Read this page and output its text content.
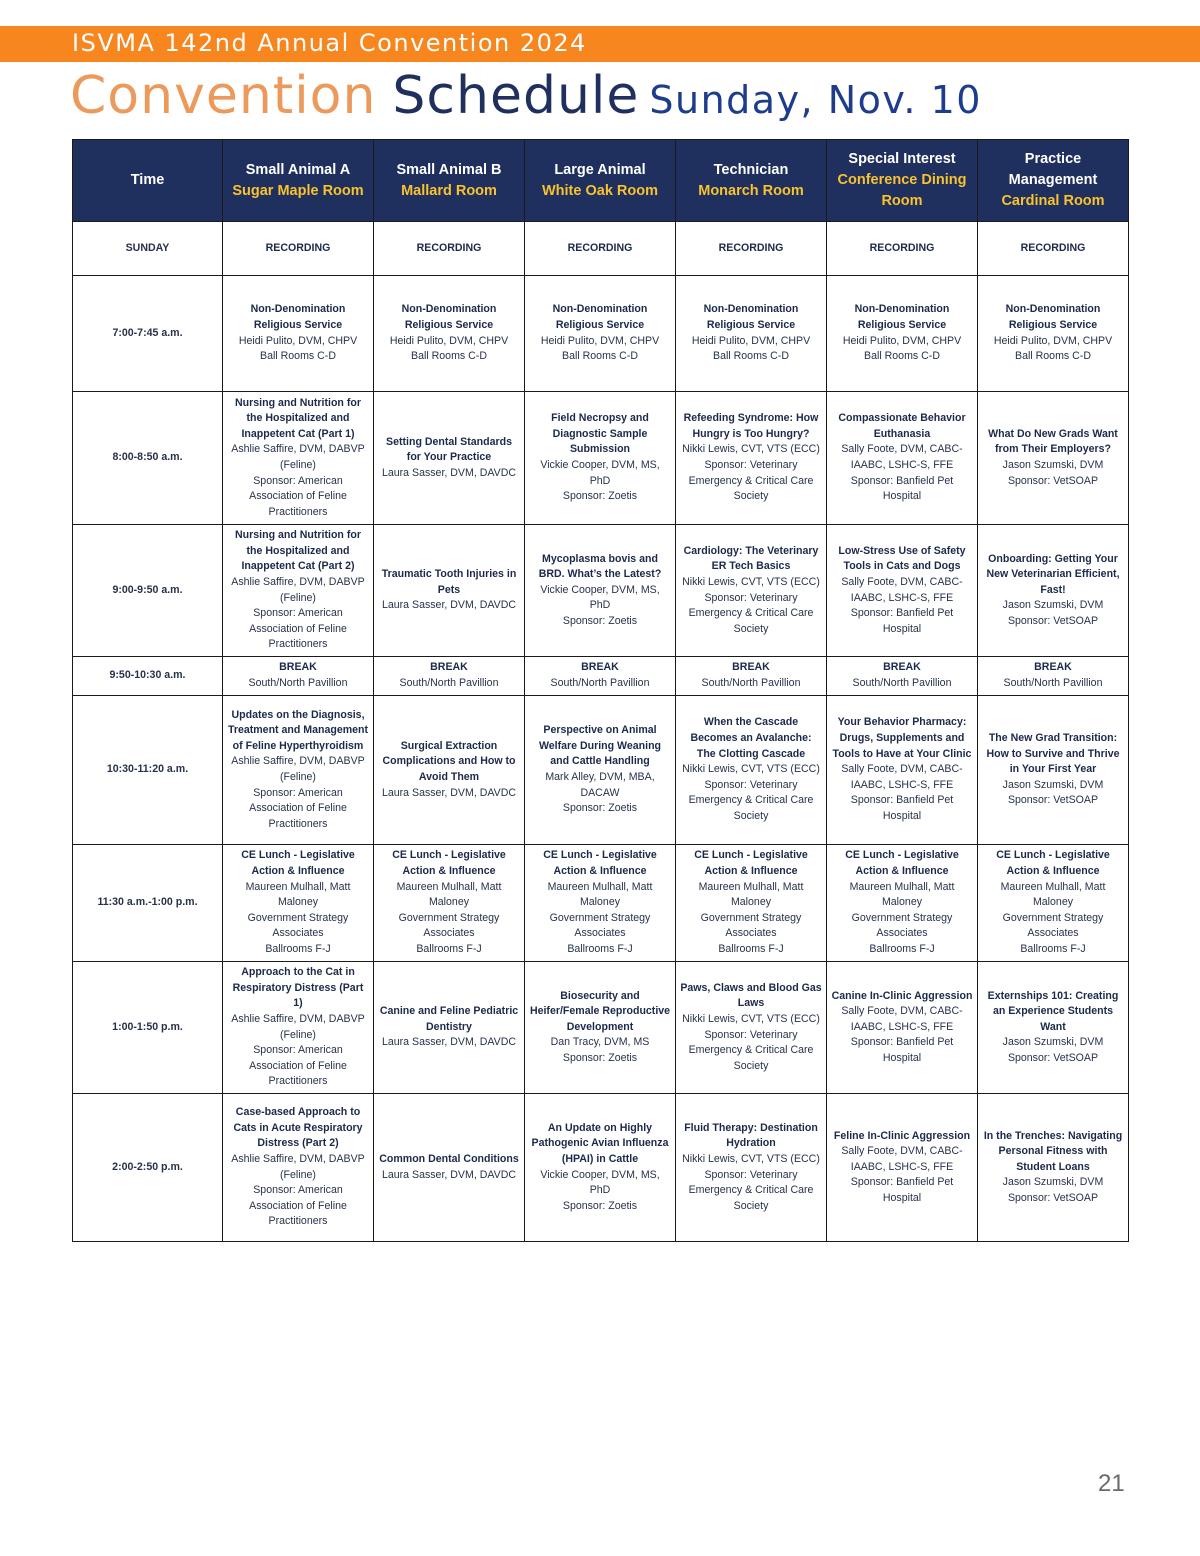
ISVMA 142nd Annual Convention 2024
Convention Schedule Sunday, Nov. 10
Time	Small Animal A
Sugar Maple Room	Small Animal B
Mallard Room	Large Animal
White Oak Room	Technician
Monarch Room	Special Interest
Conference Dining Room	Practice Management
Cardinal Room

SUNDAY	RECORDING	RECORDING	RECORDING	RECORDING	RECORDING	RECORDING

7:00-7:45 a.m.	Non-Denomination Religious Service
Heidi Pulito, DVM, CHPV
Ball Rooms C-D	Non-Denomination Religious Service
Heidi Pulito, DVM, CHPV
Ball Rooms C-D	Non-Denomination Religious Service
Heidi Pulito, DVM, CHPV
Ball Rooms C-D	Non-Denomination Religious Service
Heidi Pulito, DVM, CHPV
Ball Rooms C-D	Non-Denomination Religious Service
Heidi Pulito, DVM, CHPV
Ball Rooms C-D	Non-Denomination Religious Service
Heidi Pulito, DVM, CHPV
Ball Rooms C-D

8:00-8:50 a.m.	Nursing and Nutrition for the Hospitalized and Inappetent Cat (Part 1)
Ashlie Saffire, DVM, DABVP (Feline)
Sponsor: American Association of Feline Practitioners	Setting Dental Standards for Your Practice
Laura Sasser, DVM, DAVDC	Field Necropsy and Diagnostic Sample Submission
Vickie Cooper, DVM, MS, PhD
Sponsor: Zoetis	Refeeding Syndrome: How Hungry is Too Hungry?
Nikki Lewis, CVT, VTS (ECC)
Sponsor: Veterinary Emergency & Critical Care Society	Compassionate Behavior Euthanasia
Sally Foote, DVM, CABC-IAABC, LSHC-S, FFE
Sponsor: Banfield Pet Hospital	What Do New Grads Want from Their Employers?
Jason Szumski, DVM
Sponsor: VetSOAP

9:00-9:50 a.m.	Nursing and Nutrition for the Hospitalized and Inappetent Cat (Part 2)
Ashlie Saffire, DVM, DABVP (Feline)
Sponsor: American Association of Feline Practitioners	Traumatic Tooth Injuries in Pets
Laura Sasser, DVM, DAVDC	Mycoplasma bovis and BRD. What’s the Latest?
Vickie Cooper, DVM, MS, PhD
Sponsor: Zoetis	Cardiology: The Veterinary ER Tech Basics
Nikki Lewis, CVT, VTS (ECC)
Sponsor: Veterinary Emergency & Critical Care Society	Low-Stress Use of Safety Tools in Cats and Dogs
Sally Foote, DVM, CABC-IAABC, LSHC-S, FFE
Sponsor: Banfield Pet Hospital	Onboarding: Getting Your New Veterinarian Efficient, Fast!
Jason Szumski, DVM
Sponsor: VetSOAP

9:50-10:30 a.m.	BREAK
South/North Pavillion	BREAK
South/North Pavillion	BREAK
South/North Pavillion	BREAK
South/North Pavillion	BREAK
South/North Pavillion	BREAK
South/North Pavillion

10:30-11:20 a.m.	Updates on the Diagnosis, Treatment and Management of Feline Hyperthyroidism
Ashlie Saffire, DVM, DABVP (Feline)
Sponsor: American Association of Feline Practitioners	Surgical Extraction Complications and How to Avoid Them
Laura Sasser, DVM, DAVDC	Perspective on Animal Welfare During Weaning and Cattle Handling
Mark Alley, DVM, MBA, DACAW
Sponsor: Zoetis	When the Cascade Becomes an Avalanche: The Clotting Cascade
Nikki Lewis, CVT, VTS (ECC)
Sponsor: Veterinary Emergency & Critical Care Society	Your Behavior Pharmacy: Drugs, Supplements and Tools to Have at Your Clinic
Sally Foote, DVM, CABC-IAABC, LSHC-S, FFE
Sponsor: Banfield Pet Hospital	The New Grad Transition: How to Survive and Thrive in Your First Year
Jason Szumski, DVM
Sponsor: VetSOAP

11:30 a.m.-1:00 p.m.	CE Lunch - Legislative Action & Influence
Maureen Mulhall, Matt Maloney
Government Strategy Associates
Ballrooms F-J	CE Lunch - Legislative Action & Influence
Maureen Mulhall, Matt Maloney
Government Strategy Associates
Ballrooms F-J	CE Lunch - Legislative Action & Influence
Maureen Mulhall, Matt Maloney
Government Strategy Associates
Ballrooms F-J	CE Lunch - Legislative Action & Influence
Maureen Mulhall, Matt Maloney
Government Strategy Associates
Ballrooms F-J	CE Lunch - Legislative Action & Influence
Maureen Mulhall, Matt Maloney
Government Strategy Associates
Ballrooms F-J	CE Lunch - Legislative Action & Influence
Maureen Mulhall, Matt Maloney
Government Strategy Associates
Ballrooms F-J

1:00-1:50 p.m.	Approach to the Cat in Respiratory Distress (Part 1)
Ashlie Saffire, DVM, DABVP (Feline)
Sponsor: American Association of Feline Practitioners	Canine and Feline Pediatric Dentistry
Laura Sasser, DVM, DAVDC	Biosecurity and Heifer/Female Reproductive Development
Dan Tracy, DVM, MS
Sponsor: Zoetis	Paws, Claws and Blood Gas Laws
Nikki Lewis, CVT, VTS (ECC)
Sponsor: Veterinary Emergency & Critical Care Society	Canine In-Clinic Aggression
Sally Foote, DVM, CABC-IAABC, LSHC-S, FFE
Sponsor: Banfield Pet Hospital	Externships 101: Creating an Experience Students Want
Jason Szumski, DVM
Sponsor: VetSOAP

2:00-2:50 p.m.	Case-based Approach to Cats in Acute Respiratory Distress (Part 2)
Ashlie Saffire, DVM, DABVP (Feline)
Sponsor: American Association of Feline Practitioners	Common Dental Conditions
Laura Sasser, DVM, DAVDC	An Update on Highly Pathogenic Avian Influenza (HPAI) in Cattle
Vickie Cooper, DVM, MS, PhD
Sponsor: Zoetis	Fluid Therapy: Destination Hydration
Nikki Lewis, CVT, VTS (ECC)
Sponsor: Veterinary Emergency & Critical Care Society	Feline In-Clinic Aggression
Sally Foote, DVM, CABC-IAABC, LSHC-S, FFE
Sponsor: Banfield Pet Hospital	In the Trenches: Navigating Personal Fitness with Student Loans
Jason Szumski, DVM
Sponsor: VetSOAP
21
